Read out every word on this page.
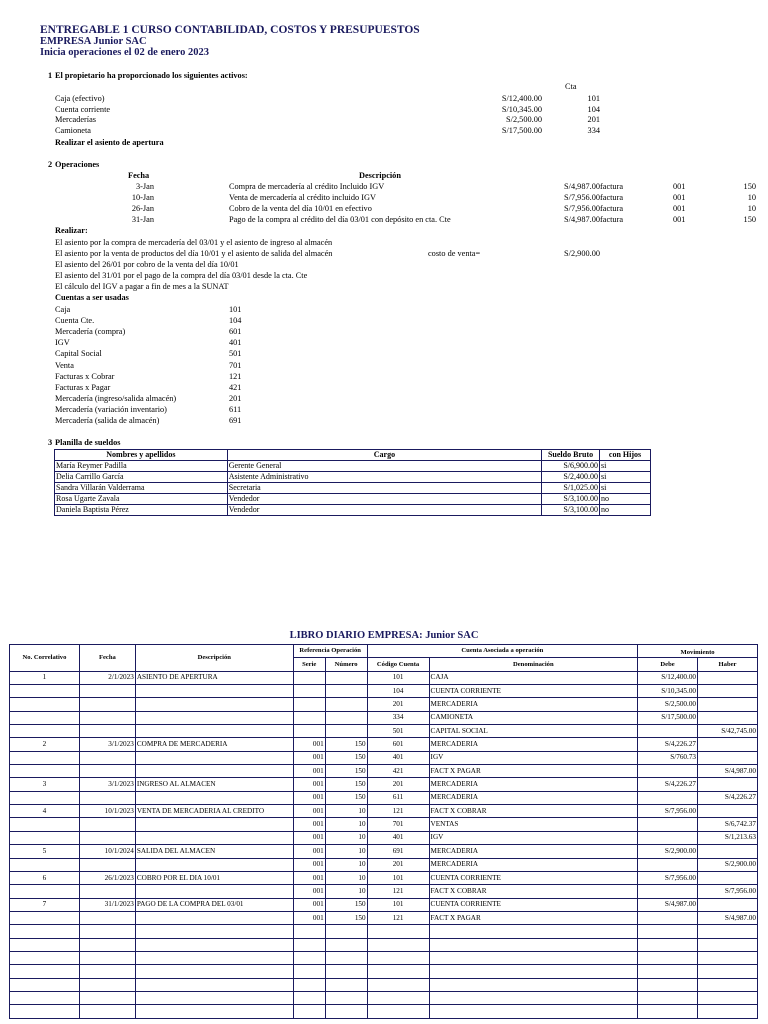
ENTREGABLE 1 CURSO CONTABILIDAD, COSTOS Y PRESUPUESTOS
EMPRESA Junior SAC
Inicia operaciones el 02 de enero 2023
1 El propietario ha proporcionado los siguientes activos:
Cta
Caja (efectivo)	S/12,400.00	101
Cuenta corriente	S/10,345.00	104
Mercaderías	S/2,500.00	201
Camioneta	S/17,500.00	334
Realizar el asiento de apertura
2 Operaciones
Fecha	Descripción
3-Jan	Compra de mercadería al crédito Incluido IGV	S/4,987.00 factura	001	150
10-Jan	Venta de mercadería al crédito incluido IGV	S/7,956.00 factura	001	10
26-Jan	Cobro de la venta del día 10/01 en efectivo	S/7,956.00 factura	001	10
31-Jan	Pago de la compra al crédito del día 03/01 con depósito en cta. Cte	S/4,987.00 factura	001	150
Realizar:
El asiento por la compra de mercadería del 03/01 y el asiento de ingreso al almacén
El asiento por la venta de productos del día 10/01 y el asiento de salida del almacén
El asiento del 26/01 por cobro de la venta del día 10/01
El asiento del 31/01 por el pago de la compra del día 03/01 desde la cta. Cte
El cálculo del IGV a pagar a fin de mes a la SUNAT
costo de venta=	S/2,900.00
Cuentas a ser usadas
Caja	101
Cuenta Cte.	104
Mercadería (compra)	601
IGV	401
Capital Social	501
Venta	701
Facturas x Cobrar	121
Facturas x Pagar	421
Mercadería (ingreso/salida almacén)	201
Mercadería (variación inventario)	611
Mercadería (salida de almacén)	691
3 Planilla de sueldos
Nombres y apellidos	Cargo	Sueldo Bruto	con Hijos
María Reymer Padilla	Gerente General	S/6,900.00	si
Delia Carrillo García	Asistente Administrativo	S/2,400.00	si
Sandra Villarán Valderrama	Secretaria	S/1,025.00	si
Rosa Ugarte Zavala	Vendedor	S/3,100.00	no
Daniela Baptista Pérez	Vendedor	S/3,100.00	no
LIBRO DIARIO EMPRESA: Junior SAC
No. Correlativo	Fecha	Descripción	Referencia Operación		Cuenta Asociada a operación		Movimiento	
			Serie	Número	Código Cuenta	Denominación	Debe	Haber
1	2/1/2023	ASIENTO DE APERTURA			101	CAJA	S/12,400.00	
					104	CUENTA CORRIENTE	S/10,345.00	
					201	MERCADERIA	S/2,500.00	
					334	CAMIONETA	S/17,500.00	
					501	CAPITAL SOCIAL		S/42,745.00
2	3/1/2023	COMPRA DE MERCADERIA	001	150	601	MERCADERIA	S/4,226.27	
			001	150	401	IGV	S/760.73	
			001	150	421	FACT X PAGAR		S/4,987.00
3	3/1/2023	INGRESO AL ALMACEN	001	150	201	MERCADERIA	S/4,226.27	
			001	150	611	MERCADERIA		S/4,226.27
4	10/1/2023	VENTA DE MERCADERIA AL CREDITO	001	10	121	FACT X COBRAR	S/7,956.00	
			001	10	701	VENTAS		S/6,742.37
			001	10	401	IGV		S/1,213.63
5	10/1/2024	SALIDA DEL ALMACEN	001	10	691	MERCADERIA	S/2,900.00	
			001	10	201	MERCADERIA		S/2,900.00
6	26/1/2023	COBRO POR EL DIA 10/01	001	10	101	CUENTA CORRIENTE	S/7,956.00	
			001	10	121	FACT X COBRAR		S/7,956.00
7	31/1/2023	PAGO DE LA COMPRA DEL 03/01	001	150	101	CUENTA CORRIENTE	S/4,987.00	
			001	150	121	FACT X PAGAR		S/4,987.00
